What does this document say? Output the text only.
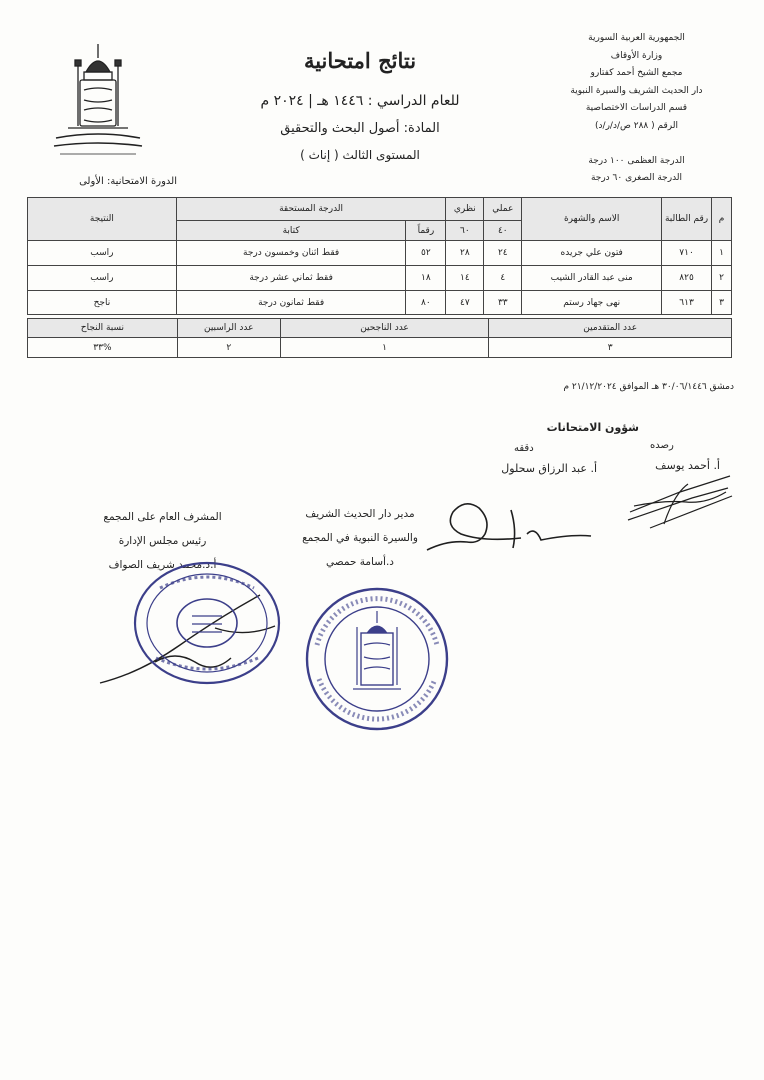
الجمهورية العربية السورية
وزارة الأوقاف
مجمع الشيخ أحمد كفتارو
دار الحديث الشريف والسيرة النبوية
قسم الدراسات الاختصاصية
الرقم ( ٢٨٨ ص/د/ر/د)

الدرجة العظمى ١٠٠ درجة
الدرجة الصغرى ٦٠ درجة
نتائج امتحانية
للعام الدراسي : ١٤٤٦ هـ | ٢٠٢٤ م
المادة: أصول البحث والتحقيق
المستوى الثالث ( إناث )
الدورة الامتحانية: الأولى
م	رقم الطالبة	الاسم والشهرة	عملي	نظري	الدرجة المستحقة		النتيجة
			٤٠	٦٠	رقماً	كتابة	
١	٧١٠	فتون علي جريده	٢٤	٢٨	٥٢	فقط اثنان وخمسون درجة	راسب
٢	٨٢٥	منى عبد القادر الشيب	٤	١٤	١٨	فقط ثماني عشر درجة	راسب
٣	٦١٣	نهى جهاد رستم	٣٣	٤٧	٨٠	فقط ثمانون درجة	ناجح
عدد المتقدمين	عدد الناجحين	عدد الراسبين	نسبة النجاح
٣	١	٢	%٣٣
دمشق ٣٠/٠٦/١٤٤٦ هـ الموافق ٢١/١٢/٢٠٢٤ م
شؤون الامتحانات
رصده
أ. أحمد يوسف
دققه
أ. عبد الرزاق سحلول
مدير دار الحديث الشريف
والسيرة النبوية في المجمع
د.أسامة حمصي
المشرف العام على المجمع
رئيس مجلس الإدارة
أ.د.محمد شريف الصواف
